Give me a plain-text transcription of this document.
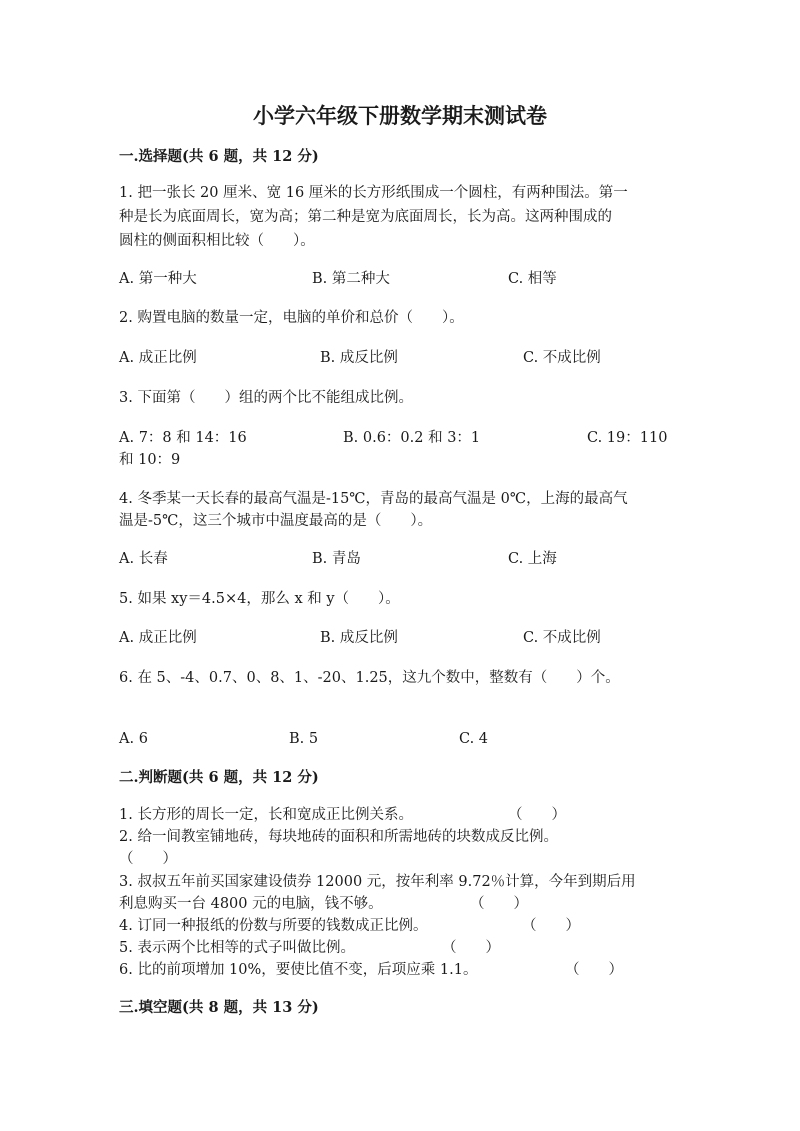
小学六年级下册数学期末测试卷
一.选择题(共 6 题，共 12 分)
1. 把一张长 20 厘米、宽 16 厘米的长方形纸围成一个圆柱，有两种围法。第一
种是长为底面周长，宽为高；第二种是宽为底面周长，长为高。这两种围成的
圆柱的侧面积相比较（　　）。
A. 第一种大	B. 第二种大	C. 相等
2. 购置电脑的数量一定，电脑的单价和总价（　　）。
A. 成正比例	B. 成反比例	C. 不成比例
3. 下面第（　　）组的两个比不能组成比例。
A. 7：8 和 14：16	B. 0.6：0.2 和 3：1	C. 19：110
和 10：9
4. 冬季某一天长春的最高气温是-15℃，青岛的最高气温是 0℃，上海的最高气
温是-5℃，这三个城市中温度最高的是（　　）。
A. 长春	B. 青岛	C. 上海
5. 如果 xy＝4.5×4，那么 x 和 y（　　）。
A. 成正比例	B. 成反比例	C. 不成比例
6. 在 5、-4、0.7、0、8、1、-20、1.25，这九个数中，整数有（　　）个。
A. 6	B. 5	C. 4
二.判断题(共 6 题，共 12 分)
1. 长方形的周长一定，长和宽成正比例关系。	（　　）
2. 给一间教室铺地砖，每块地砖的面积和所需地砖的块数成反比例。
（　　）
3. 叔叔五年前买国家建设债券 12000 元，按年利率 9.72％计算，今年到期后用
利息购买一台 4800 元的电脑，钱不够。	（　　）
4. 订同一种报纸的份数与所要的钱数成正比例。	（　　）
5. 表示两个比相等的式子叫做比例。	（　　）
6. 比的前项增加 10%，要使比值不变，后项应乘 1.1。	（　　）
三.填空题(共 8 题，共 13 分)
